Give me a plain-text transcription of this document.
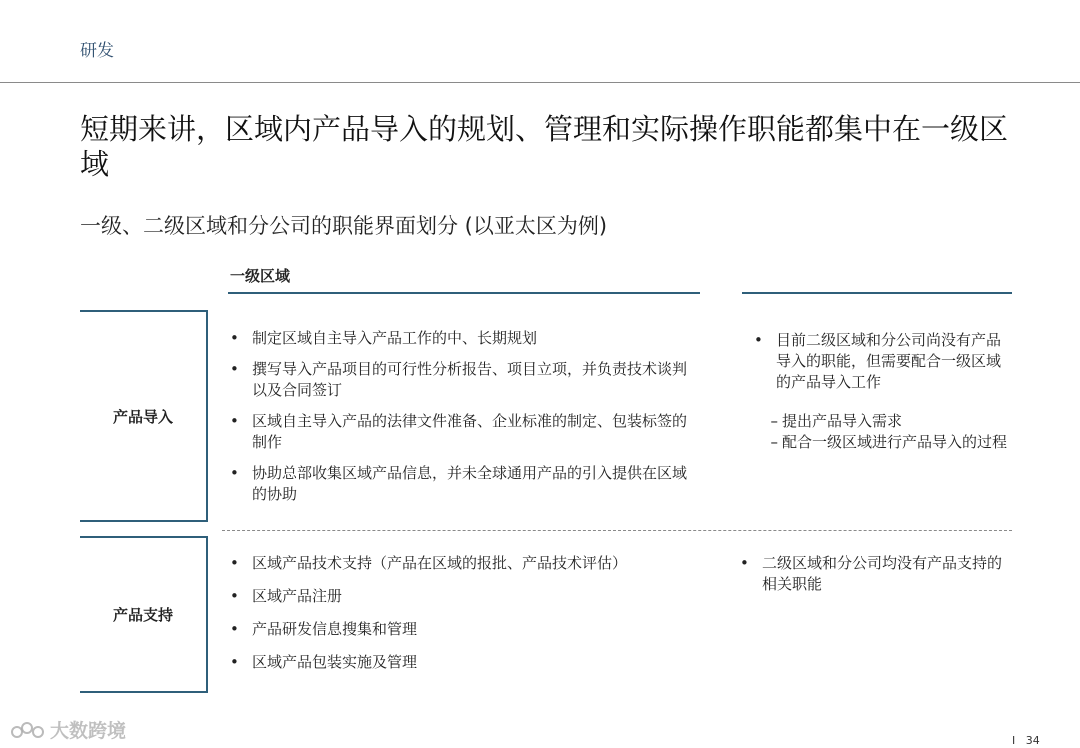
研发
短期来讲，区域内产品导入的规划、管理和实际操作职能都集中在一级区域
一级、二级区域和分公司的职能界面划分 (以亚太区为例)
一级区域
产品导入
产品支持
• 制定区域自主导入产品工作的中、长期规划
• 撰写导入产品项目的可行性分析报告、项目立项，并负责技术谈判以及合同签订
• 区域自主导入产品的法律文件准备、企业标准的制定、包装标签的制作
• 协助总部收集区域产品信息，并未全球通用产品的引入提供在区域的协助
• 目前二级区域和分公司尚没有产品导入的职能，但需要配合一级区域的产品导入工作
– 提出产品导入需求
– 配合一级区域进行产品导入的过程
• 区域产品技术支持（产品在区域的报批、产品技术评估）
• 区域产品注册
• 产品研发信息搜集和管理
• 区域产品包装实施及管理
• 二级区域和分公司均没有产品支持的相关职能
大数跨境	I 34
